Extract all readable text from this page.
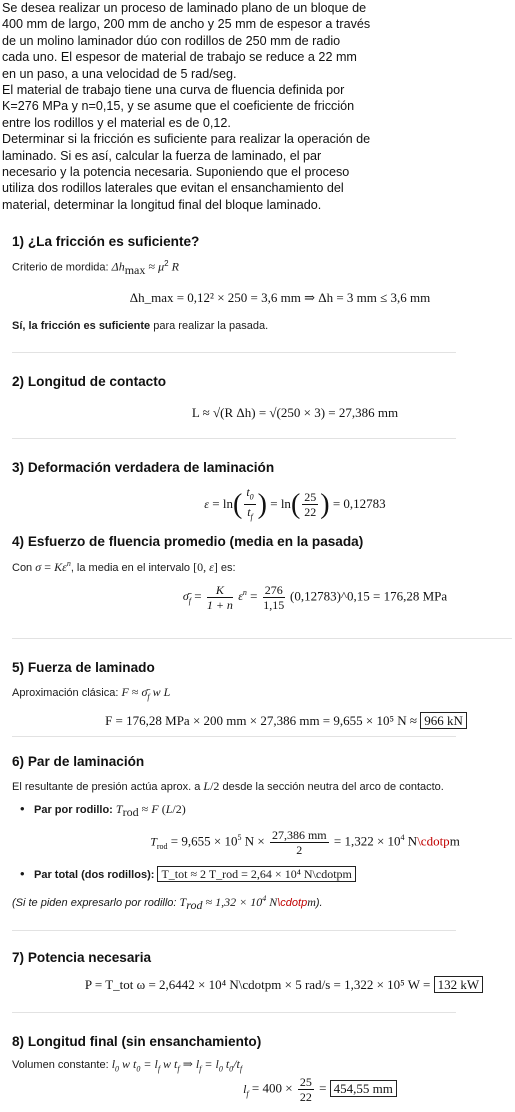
Se desea realizar un proceso de laminado plano de un bloque de

400 mm de largo, 200 mm de ancho y 25 mm de espesor a través

de un molino laminador dúo con rodillos de 250 mm de radio

cada uno. El espesor de material de trabajo se reduce a 22 mm

en un paso, a una velocidad de 5 rad/seg.

El material de trabajo tiene una curva de fluencia definida por

K=276 MPa y n=0,15, y se asume que el coeficiente de fricción

entre los rodillos y el material es de 0,12.

Determinar si la fricción es suficiente para realizar la operación de

laminado. Si es así, calcular la fuerza de laminado, el par

necesario y la potencia necesaria. Suponiendo que el proceso

utiliza dos rodillos laterales que evitan el ensanchamiento del

material, determinar la longitud final del bloque laminado.

1) ¿La fricción es suficiente?
Criterio de mordida: $\Delta h_{max} \approx \mu^2$ R
Δh_max = 0,12² × 250 = 3,6 mm ⇒ Δh = 3 mm ≤ 3,6 mm
Sí, la fricción es suficiente para realizar la pasada.
2) Longitud de contacto
L ≈ √(R Δh) = √(250 × 3) = 27,386 mm
3) Deformación verdadera de laminación
$\varepsilon = \ln( \frac{t_0}{t_f}$ ) = $\ln( \frac{25}{22}$ ) = 0,12783
4) Esfuerzo de fluencia promedio (media en la pasada)
Con $\sigma = K\varepsilon^n$, la media en el intervalo [0, ε] es:
$\sigmā_f = \frac{K}{1 + n} \varepsilon^n = \frac{276}{1,15}$ (0,12783)^0,15 = 176,28 MPa
5) Fuerza de laminado
Aproximación clásica: $F \approx \sigmā_f$ w L
F = 176,28 MPa × 200 mm × 27,386 mm = 9,655 × 10⁵ N ≈ 966 kN
6) Par de laminación
El resultante de presión actúa aprox. a L/2 desde la sección neutra del arco de contacto.
• Par por rodillo: $T_{rod} \approx F$ (L/2)
$T_{rod} = 9,655 \times 10^5$ $N \times \frac{27,386 mm}{2} = 1,322 \times 10^4$ N\cdotpm
• Par total (dos rodillos): T_tot ≈ 2 T_rod = 2,64 × 10⁴ N\cdotpm
(Si te piden expresarlo por rodillo: $T_{rod} \approx 1,32 \times 10^4$ N\cdotpm).
7) Potencia necesaria
P = T_tot ω = 2,6442 × 10⁴ N\cdotpm × 5 rad/s = 1,322 × 10⁵ W = 132 kW
8) Longitud final (sin ensanchamiento)
Volumen constante: $l_0$ w $t_0 = l_f$ w $t_f$ ⇒ $l_f = l_0$ $t_0/t_f$
$l_f = 400 \times \frac{25}{22} = 454,55$ mm
